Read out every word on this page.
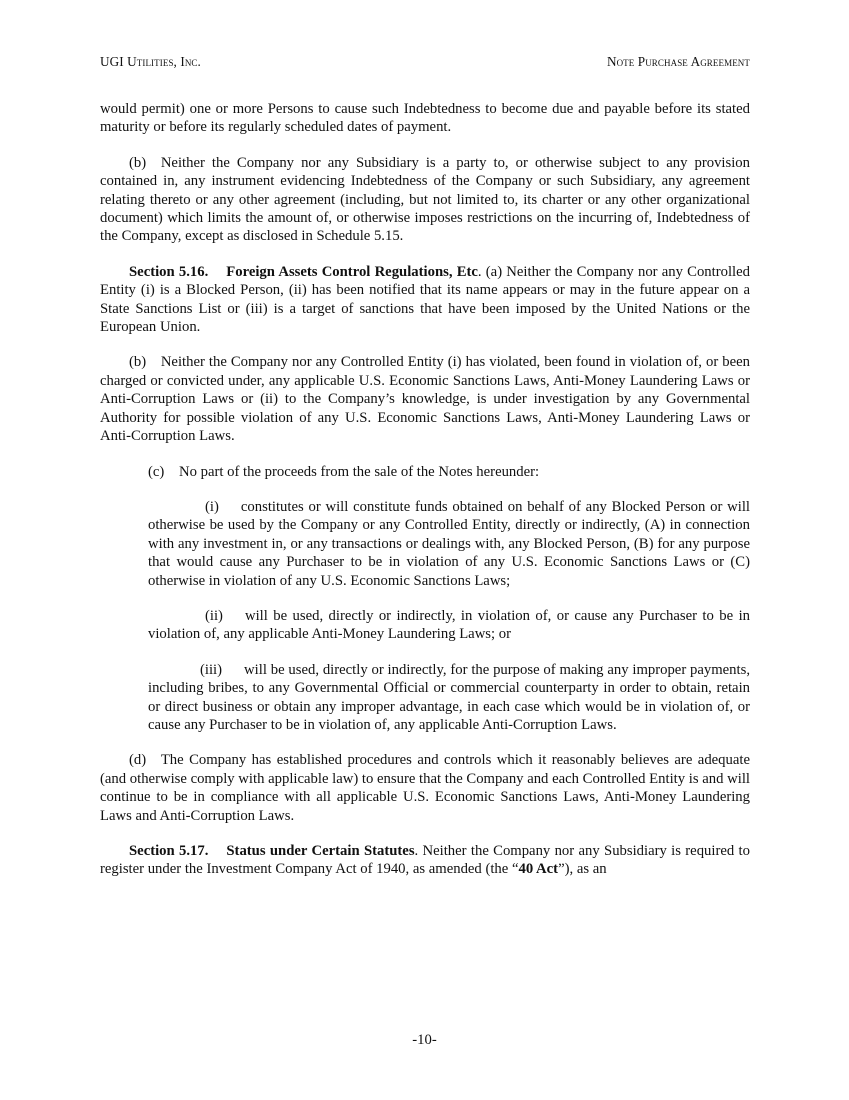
UGI Utilities, Inc.	Note Purchase Agreement

would permit) one or more Persons to cause such Indebtedness to become due and payable before its stated maturity or before its regularly scheduled dates of payment.

(b) Neither the Company nor any Subsidiary is a party to, or otherwise subject to any provision contained in, any instrument evidencing Indebtedness of the Company or such Subsidiary, any agreement relating thereto or any other agreement (including, but not limited to, its charter or any other organizational document) which limits the amount of, or otherwise imposes restrictions on the incurring of, Indebtedness of the Company, except as disclosed in Schedule 5.15.

Section 5.16. Foreign Assets Control Regulations, Etc. (a) Neither the Company nor any Controlled Entity (i) is a Blocked Person, (ii) has been notified that its name appears or may in the future appear on a State Sanctions List or (iii) is a target of sanctions that have been imposed by the United Nations or the European Union.

(b) Neither the Company nor any Controlled Entity (i) has violated, been found in violation of, or been charged or convicted under, any applicable U.S. Economic Sanctions Laws, Anti-Money Laundering Laws or Anti-Corruption Laws or (ii) to the Company’s knowledge, is under investigation by any Governmental Authority for possible violation of any U.S. Economic Sanctions Laws, Anti-Money Laundering Laws or Anti-Corruption Laws.

(c) No part of the proceeds from the sale of the Notes hereunder:

(i)  constitutes or will constitute funds obtained on behalf of any Blocked Person or will otherwise be used by the Company or any Controlled Entity, directly or indirectly, (A) in connection with any investment in, or any transactions or dealings with, any Blocked Person, (B) for any purpose that would cause any Purchaser to be in violation of any U.S. Economic Sanctions Laws or (C) otherwise in violation of any U.S. Economic Sanctions Laws;

(ii)  will be used, directly or indirectly, in violation of, or cause any Purchaser to be in violation of, any applicable Anti-Money Laundering Laws; or

(iii)  will be used, directly or indirectly, for the purpose of making any improper payments, including bribes, to any Governmental Official or commercial counterparty in order to obtain, retain or direct business or obtain any improper advantage, in each case which would be in violation of, or cause any Purchaser to be in violation of, any applicable Anti-Corruption Laws.

(d) The Company has established procedures and controls which it reasonably believes are adequate (and otherwise comply with applicable law) to ensure that the Company and each Controlled Entity is and will continue to be in compliance with all applicable U.S. Economic Sanctions Laws, Anti-Money Laundering Laws and Anti-Corruption Laws.

Section 5.17. Status under Certain Statutes. Neither the Company nor any Subsidiary is required to register under the Investment Company Act of 1940, as amended (the “40 Act”), as an

-10-
